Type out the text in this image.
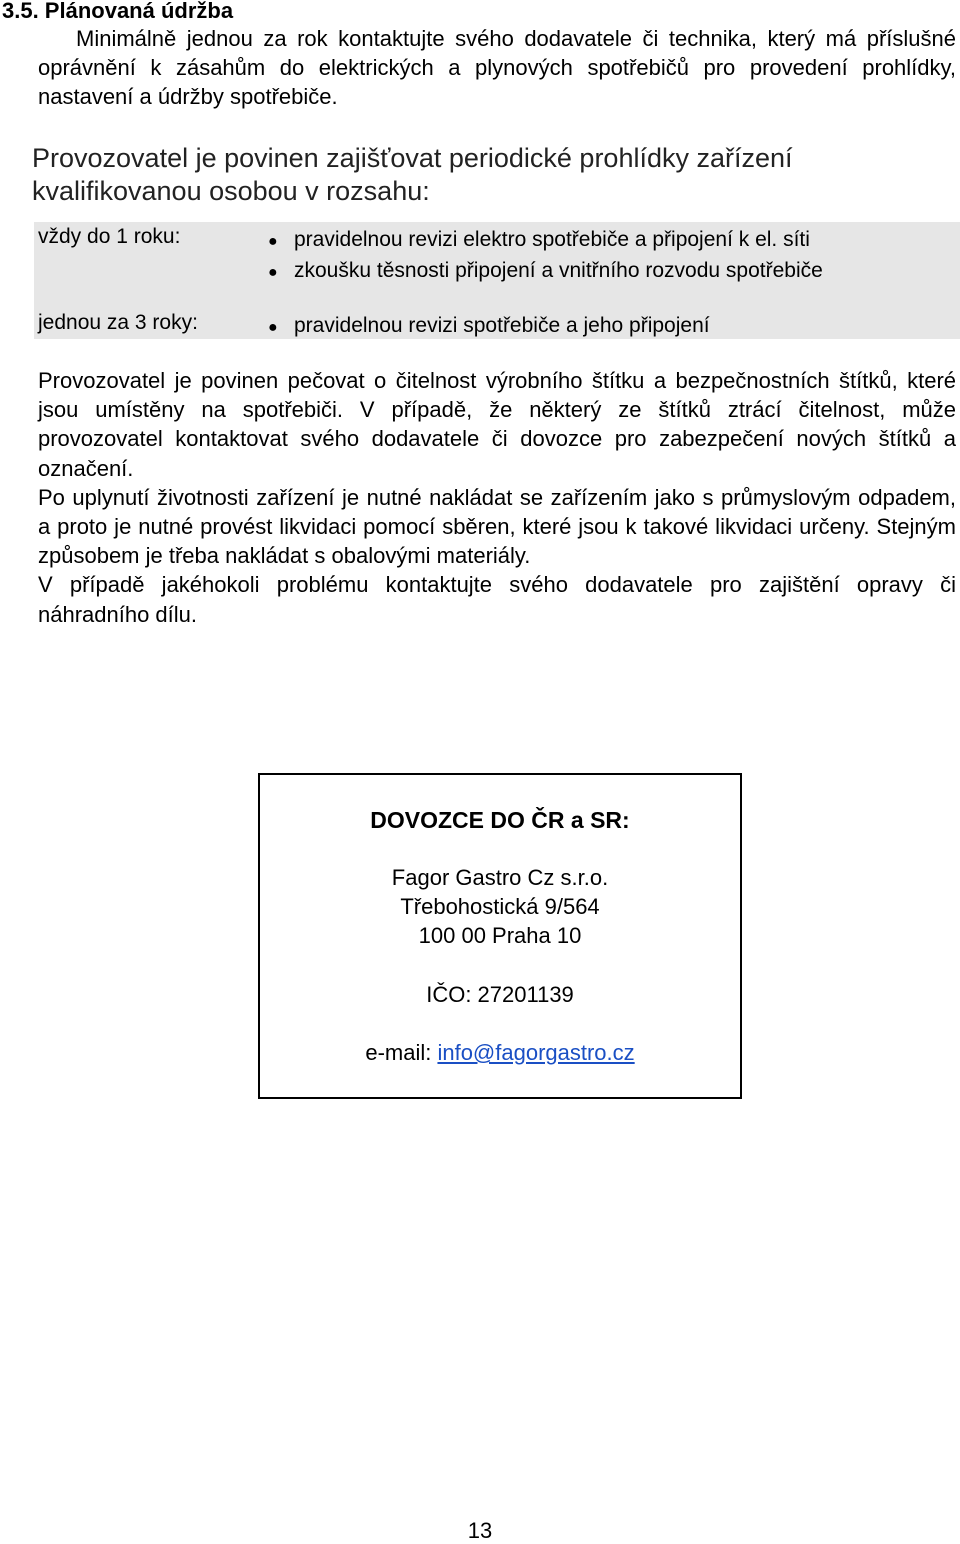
3.5. Plánovaná údržba

Minimálně jednou za rok kontaktujte svého dodavatele či technika, který má příslušné oprávnění k zásahům do elektrických a plynových spotřebičů pro provedení prohlídky, nastavení a údržby spotřebiče.

Provozovatel je povinen zajišťovat periodické prohlídky zařízení kvalifikovanou osobou v rozsahu:

vždy do 1 roku:	● pravidelnou revizi elektro spotřebiče a připojení k el. síti
● zkoušku těsnosti připojení a vnitřního rozvodu spotřebiče
jednou za 3 roky:	● pravidelnou revizi spotřebiče a jeho připojení

Provozovatel je povinen pečovat o čitelnost výrobního štítku a bezpečnostních štítků, které jsou umístěny na spotřebiči. V případě, že některý ze štítků ztrácí čitelnost, může provozovatel kontaktovat svého dodavatele či dovozce pro zabezpečení nových štítků a označení.

Po uplynutí životnosti zařízení je nutné nakládat se zařízením jako s průmyslovým odpadem, a proto je nutné provést likvidaci pomocí sběren, které jsou k takové likvidaci určeny. Stejným způsobem je třeba nakládat s obalovými materiály.

V případě jakéhokoli problému kontaktujte svého dodavatele pro zajištění opravy či náhradního dílu.

DOVOZCE DO ČR a SR:
Fagor Gastro Cz s.r.o.
Třebohostická 9/564
100 00 Praha 10
IČO: 27201139
e-mail: info@fagorgastro.cz
13
